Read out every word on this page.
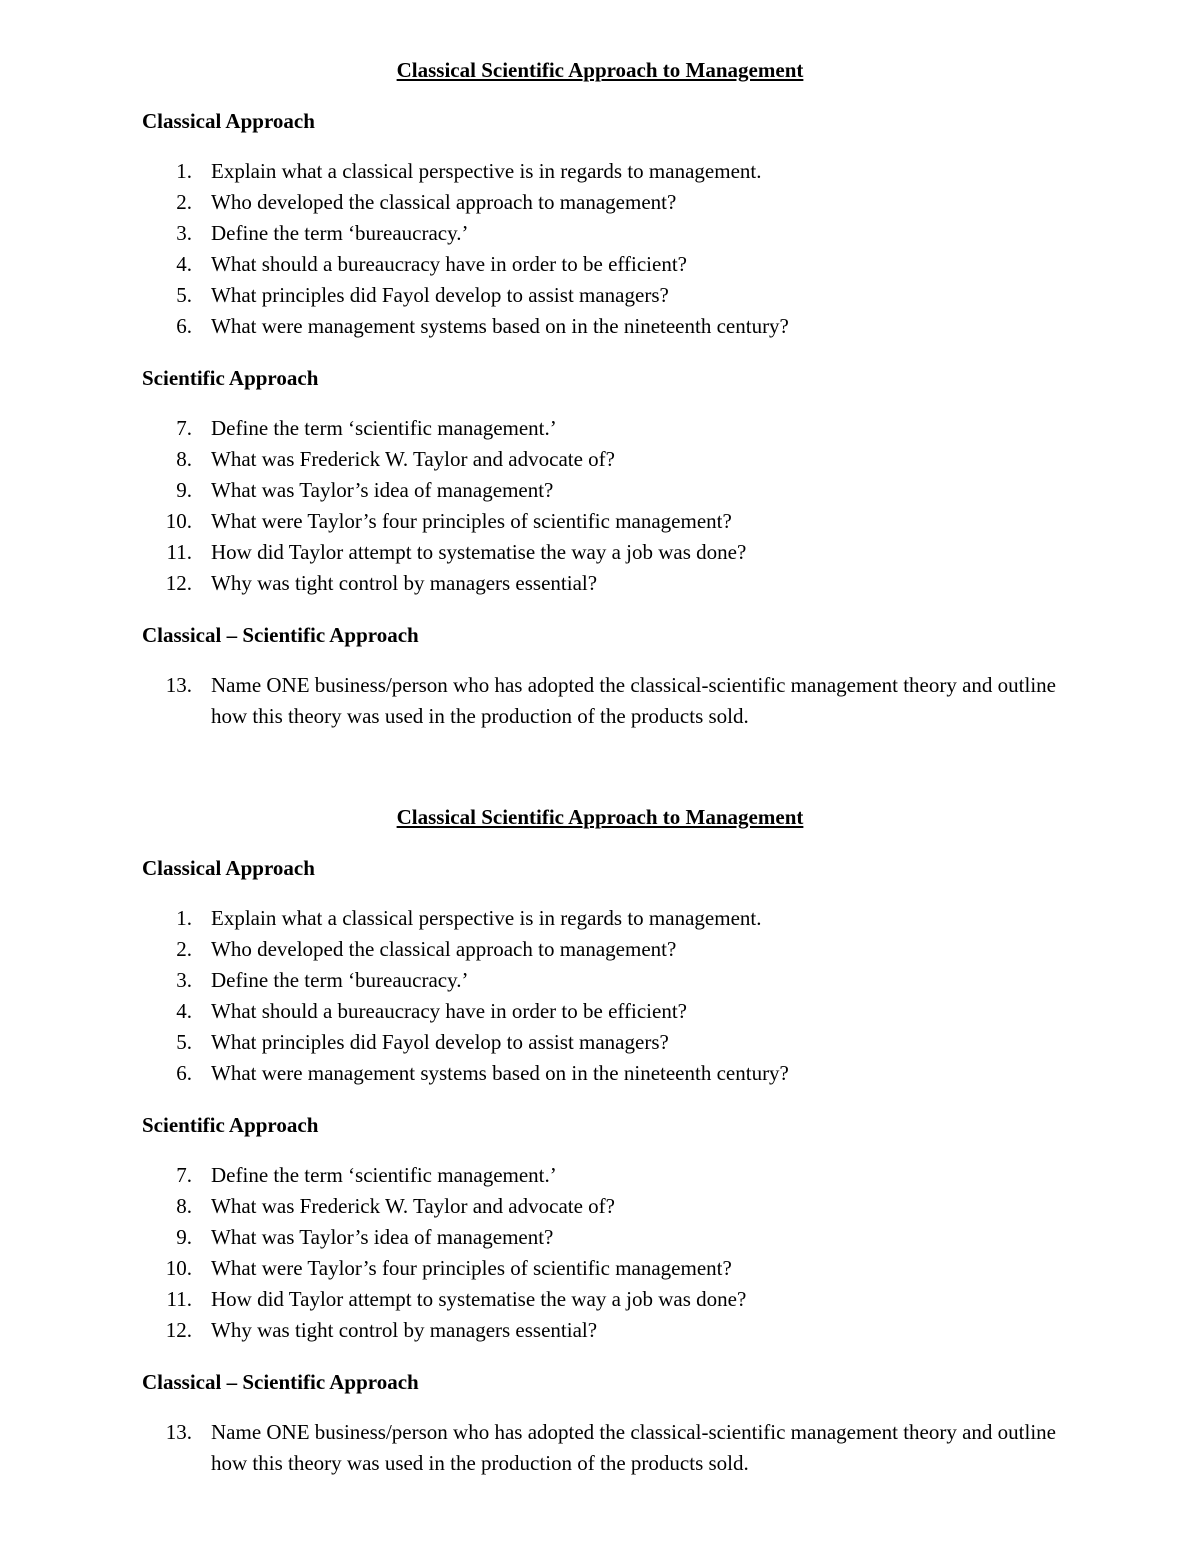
Classical Scientific Approach to Management
Classical Approach
1. Explain what a classical perspective is in regards to management.
2. Who developed the classical approach to management?
3. Define the term ‘bureaucracy.’
4. What should a bureaucracy have in order to be efficient?
5. What principles did Fayol develop to assist managers?
6. What were management systems based on in the nineteenth century?
Scientific Approach
7. Define the term ‘scientific management.’
8. What was Frederick W. Taylor and advocate of?
9. What was Taylor’s idea of management?
10. What were Taylor’s four principles of scientific management?
11. How did Taylor attempt to systematise the way a job was done?
12. Why was tight control by managers essential?
Classical – Scientific Approach
13. Name ONE business/person who has adopted the classical-scientific management theory and outline how this theory was used in the production of the products sold.
Classical Scientific Approach to Management
Classical Approach
1. Explain what a classical perspective is in regards to management.
2. Who developed the classical approach to management?
3. Define the term ‘bureaucracy.’
4. What should a bureaucracy have in order to be efficient?
5. What principles did Fayol develop to assist managers?
6. What were management systems based on in the nineteenth century?
Scientific Approach
7. Define the term ‘scientific management.’
8. What was Frederick W. Taylor and advocate of?
9. What was Taylor’s idea of management?
10. What were Taylor’s four principles of scientific management?
11. How did Taylor attempt to systematise the way a job was done?
12. Why was tight control by managers essential?
Classical – Scientific Approach
13. Name ONE business/person who has adopted the classical-scientific management theory and outline how this theory was used in the production of the products sold.
